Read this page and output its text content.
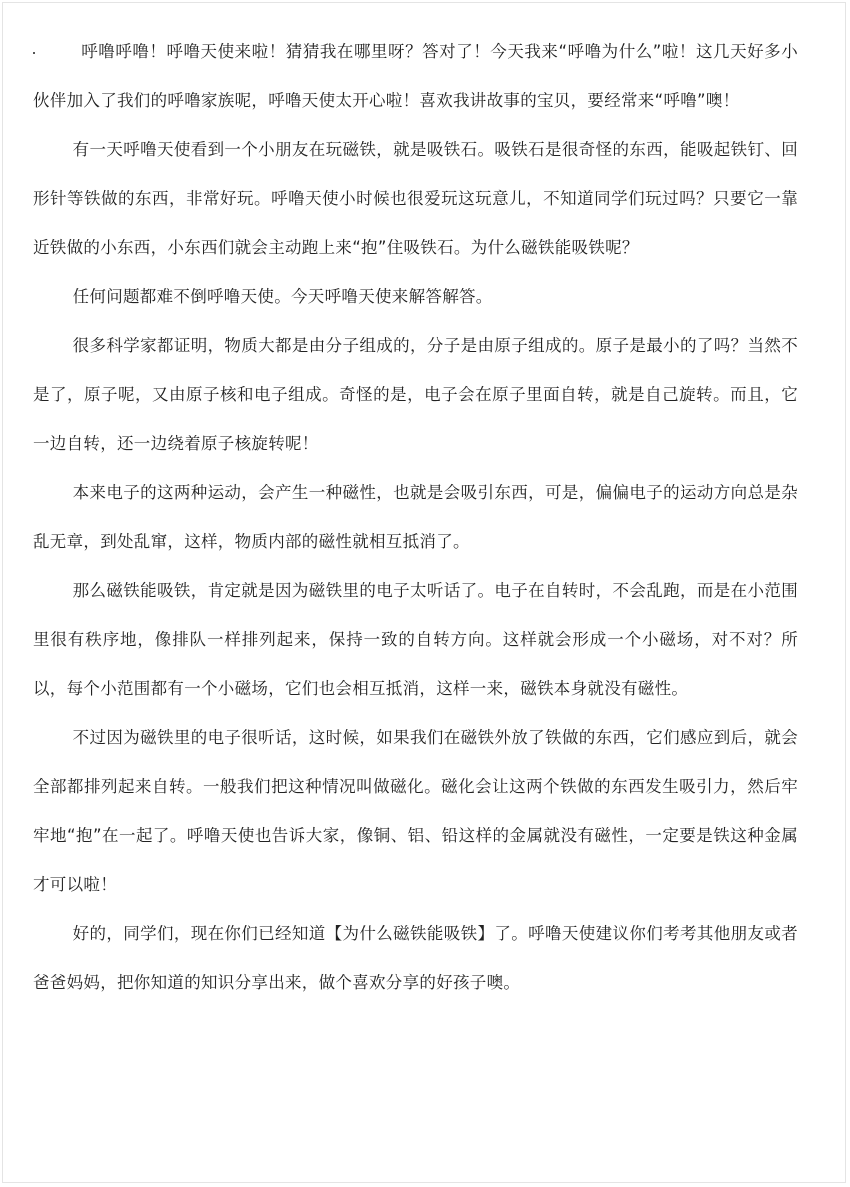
呼噜呼噜！呼噜天使来啦！猜猜我在哪里呀？答对了！今天我来“呼噜为什么”啦！这几天好多小伙伴加入了我们的呼噜家族呢，呼噜天使太开心啦！喜欢我讲故事的宝贝，要经常来“呼噜”噢！

有一天呼噜天使看到一个小朋友在玩磁铁，就是吸铁石。吸铁石是很奇怪的东西，能吸起铁钉、回形针等铁做的东西，非常好玩。呼噜天使小时候也很爱玩这玩意儿，不知道同学们玩过吗？只要它一靠近铁做的小东西，小东西们就会主动跑上来“抱”住吸铁石。为什么磁铁能吸铁呢？

任何问题都难不倒呼噜天使。今天呼噜天使来解答解答。

很多科学家都证明，物质大都是由分子组成的，分子是由原子组成的。原子是最小的了吗？当然不是了，原子呢，又由原子核和电子组成。奇怪的是，电子会在原子里面自转，就是自己旋转。而且，它一边自转，还一边绕着原子核旋转呢！

本来电子的这两种运动，会产生一种磁性，也就是会吸引东西，可是，偏偏电子的运动方向总是杂乱无章，到处乱窜，这样，物质内部的磁性就相互抵消了。

那么磁铁能吸铁，肯定就是因为磁铁里的电子太听话了。电子在自转时，不会乱跑，而是在小范围里很有秩序地，像排队一样排列起来，保持一致的自转方向。这样就会形成一个小磁场，对不对？所以，每个小范围都有一个小磁场，它们也会相互抵消，这样一来，磁铁本身就没有磁性。

不过因为磁铁里的电子很听话，这时候，如果我们在磁铁外放了铁做的东西，它们感应到后，就会全部都排列起来自转。一般我们把这种情况叫做磁化。磁化会让这两个铁做的东西发生吸引力，然后牢牢地“抱”在一起了。呼噜天使也告诉大家，像铜、铝、铅这样的金属就没有磁性，一定要是铁这种金属才可以啦！

好的，同学们，现在你们已经知道【为什么磁铁能吸铁】了。呼噜天使建议你们考考其他朋友或者爸爸妈妈，把你知道的知识分享出来，做个喜欢分享的好孩子噢。
